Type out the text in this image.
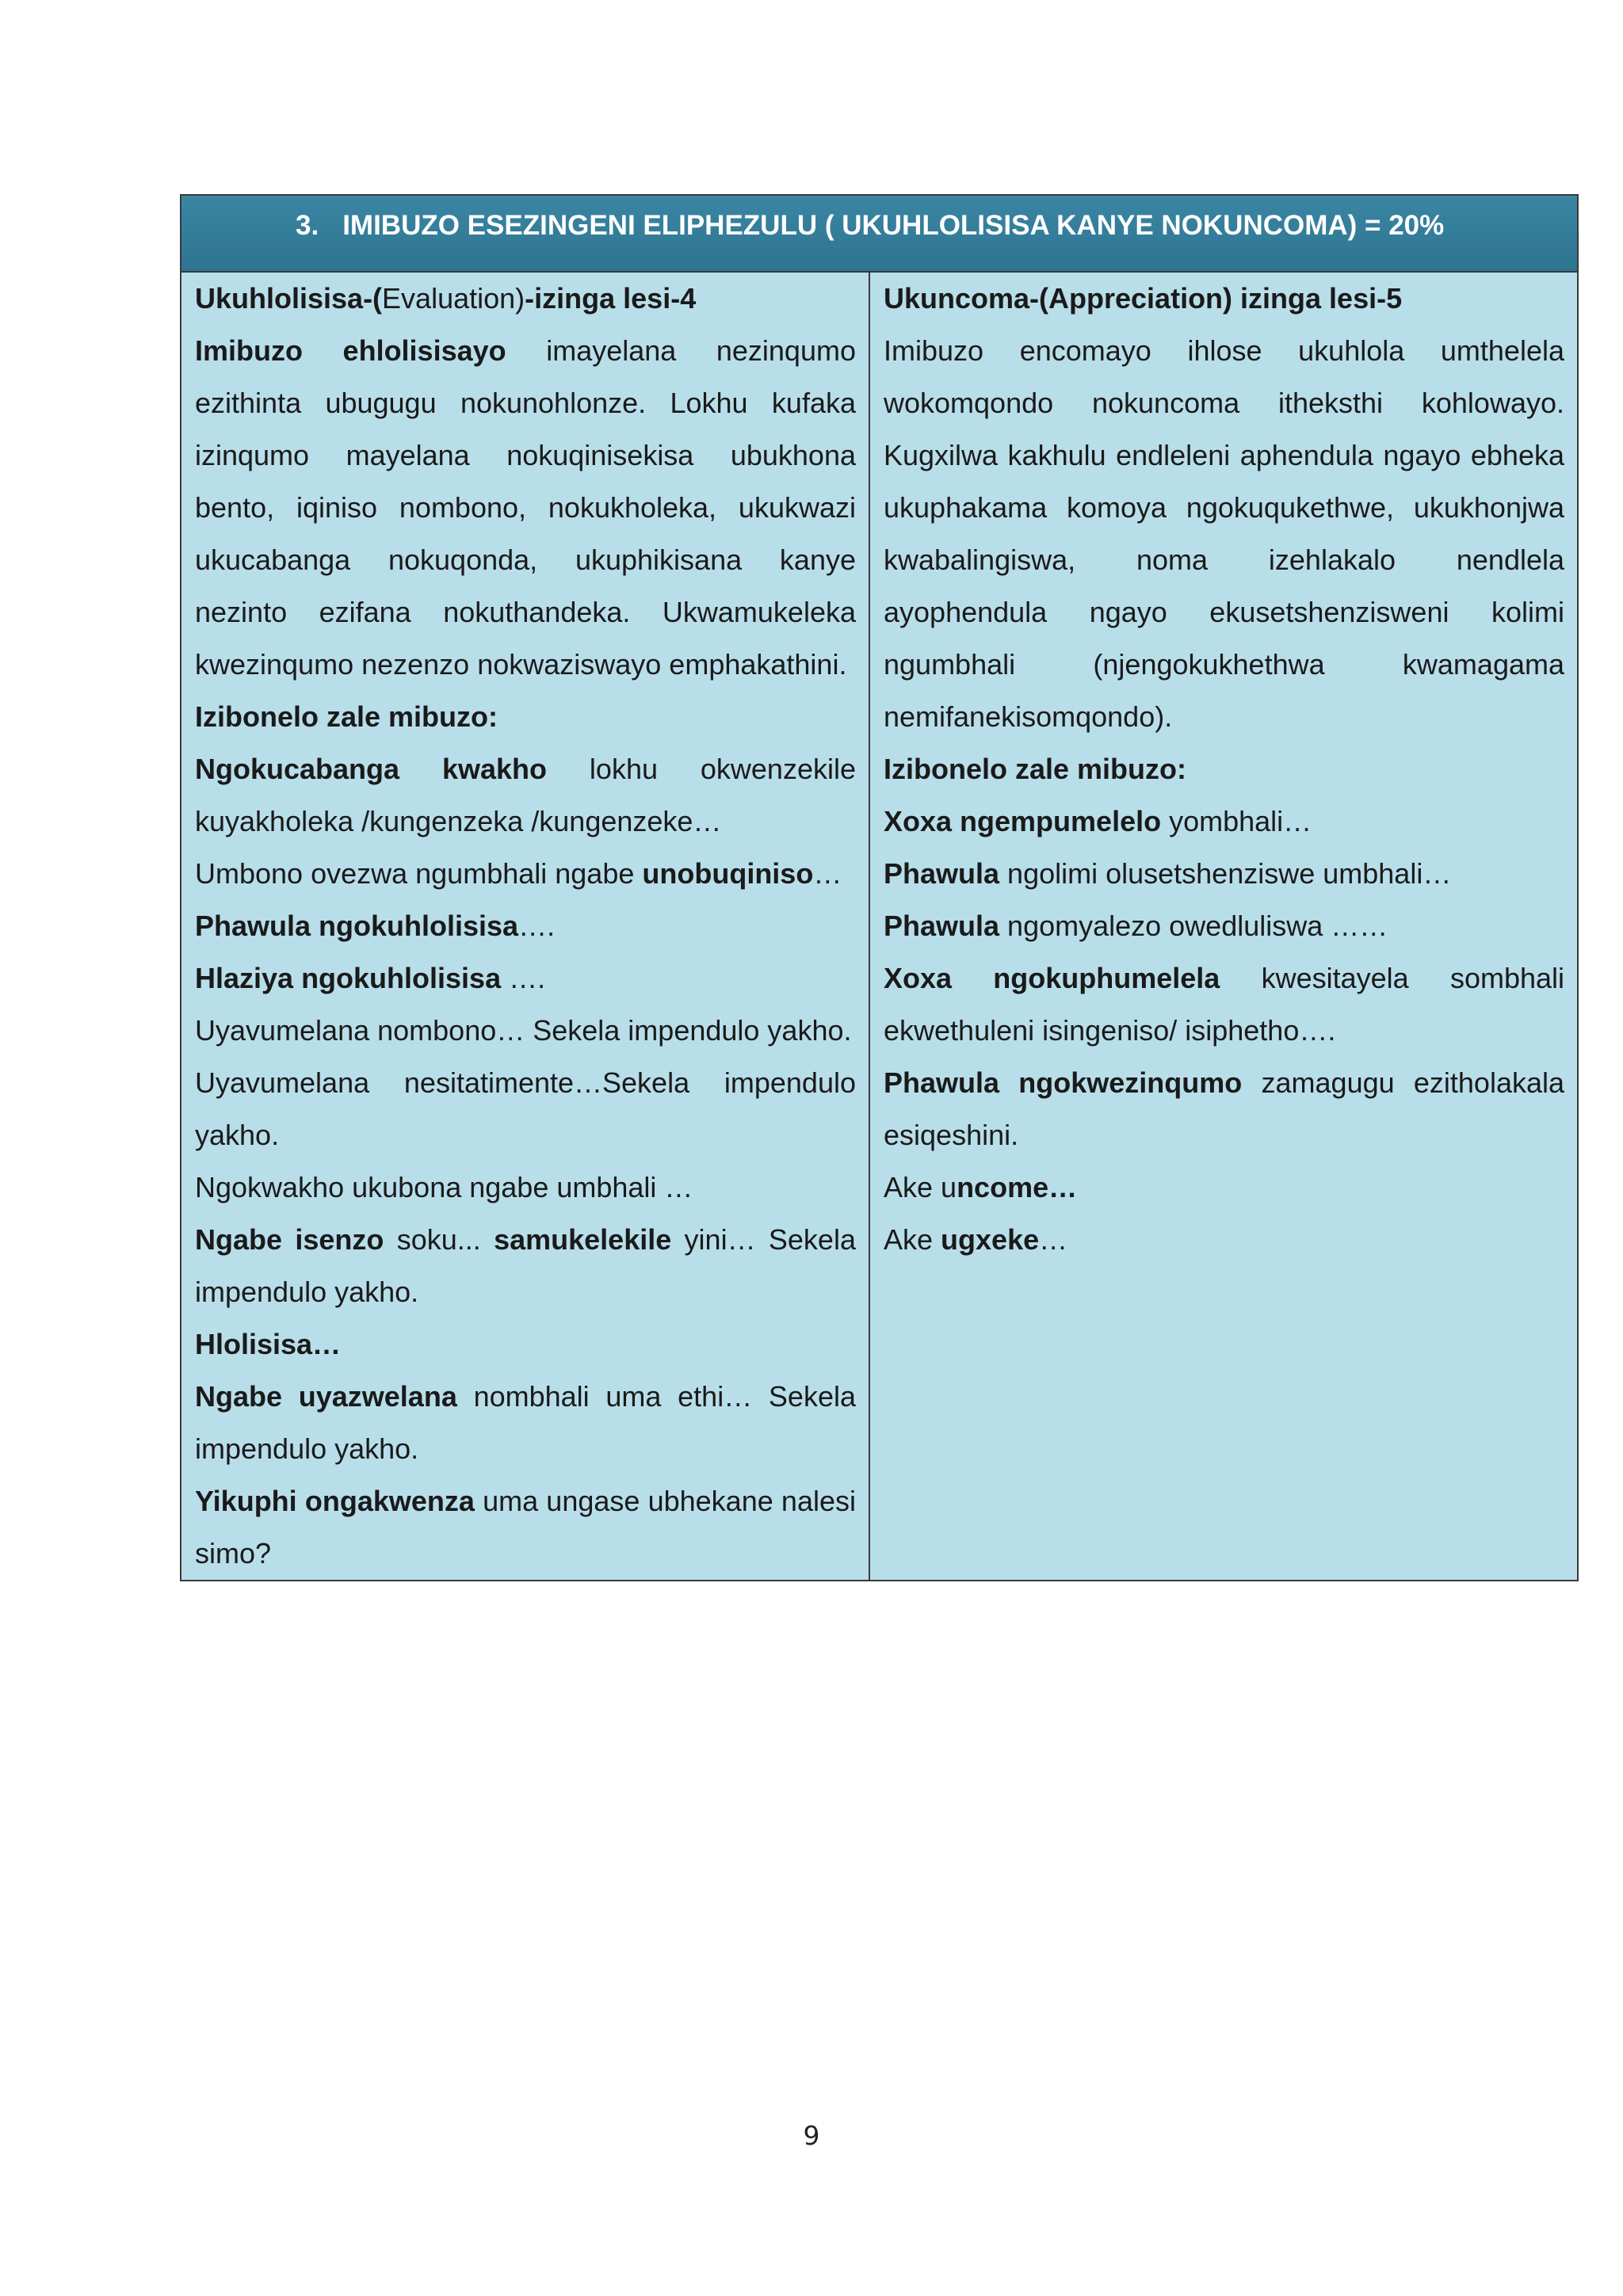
3. IMIBUZO ESEZINGENI ELIPHEZULU ( UKUHLOLISISA KANYE NOKUNCOMA) = 20%
Ukuhlolisisa-(Evaluation)-izinga lesi-4
Imibuzo ehlolisisayo imayelana nezinqumo ezithinta ubugugu nokunohlonze. Lokhu kufaka izinqumo mayelana nokuqinisekisa ubukhona bento, iqiniso nombono, nokukholeka, ukukwazi ukucabanga nokuqonda, ukuphikisana kanye nezinto ezifana nokuthandeka. Ukwamukeleka kwezinqumo nezenzo nokwaziswayo emphakathini.
Izibonelo zale mibuzo:
Ngokucabanga kwakho lokhu okwenzekile kuyakholeka /kungenzeka /kungenzeke…
Umbono ovezwa ngumbhali ngabe unobuqiniso…
Phawula ngokuhlolisisa….
Hlaziya ngokuhlolisisa ….
Uyavumelana nombono… Sekela impendulo yakho.
Uyavumelana nesitatimente…Sekela impendulo yakho.
Ngokwakho ukubona ngabe umbhali …
Ngabe isenzo soku... samukelekile yini… Sekela impendulo yakho.
Hlolisisa…
Ngabe uyazwelana nombhali uma ethi… Sekela impendulo yakho.
Yikuphi ongakwenza uma ungase ubhekane nalesi simo?
Ukuncoma-(Appreciation) izinga lesi-5
Imibuzo encomayo ihlose ukuhlola umthelela wokomqondo nokuncoma itheksthi kohlowayo. Kugxilwa kakhulu endleleni aphendula ngayo ebheka ukuphakama komoya ngokuqukethwe, ukukhonjwa kwabalingiswa, noma izehlakalo nendlela ayophendula ngayo ekusetshenzisweni kolimi ngumbhali (njengokukhethwa kwamagama nemifanekisomqondo).
Izibonelo zale mibuzo:
Xoxa ngempumelelo yombhali…
Phawula ngolimi olusetshenziswe umbhali…
Phawula ngomyalezo owedluliswa ……
Xoxa ngokuphumelela kwesitayela sombhali ekwethuleni isingeniso/ isiphetho….
Phawula ngokwezinqumo zamagugu ezitholakala esiqeshini.
Ake uncome…
Ake ugxeke…
9
